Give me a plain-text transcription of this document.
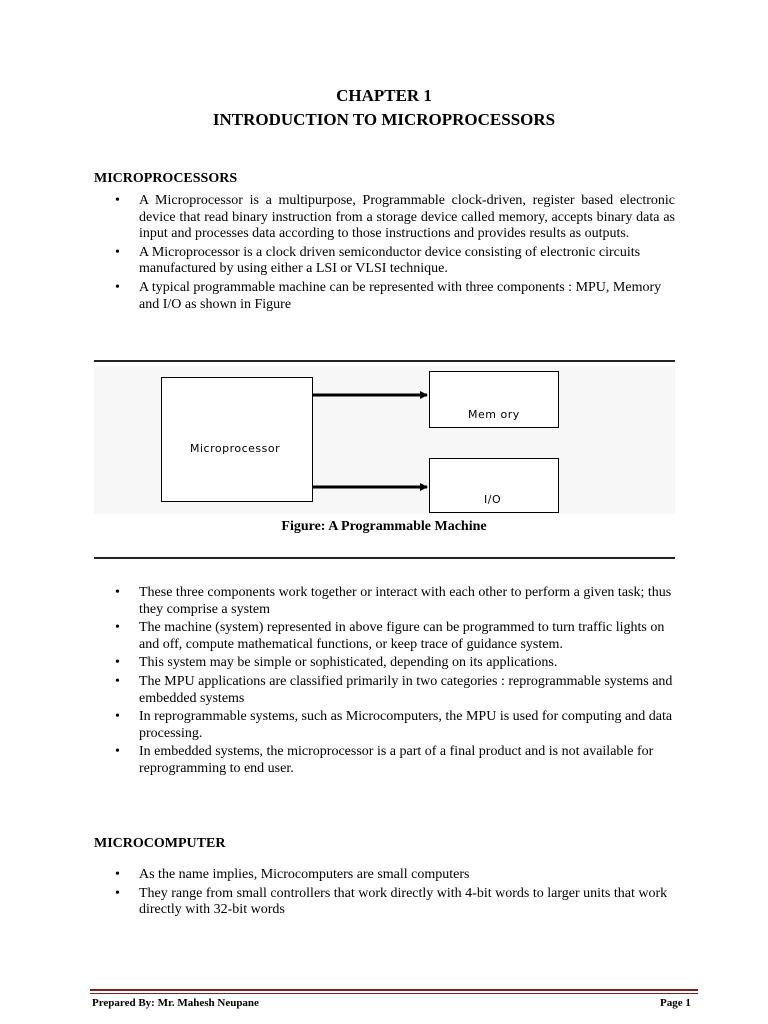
CHAPTER 1
INTRODUCTION TO MICROPROCESSORS
MICROPROCESSORS
• A Microprocessor is a multipurpose, Programmable clock-driven, register based electronic device that read binary instruction from a storage device called memory, accepts binary data as input and processes data according to those instructions and provides results as outputs.
• A Microprocessor is a clock driven semiconductor device consisting of electronic circuits manufactured by using either a LSI or VLSI technique.
• A typical programmable machine can be represented with three components : MPU, Memory and I/O as shown in Figure
Microprocessor
Mem ory
I/O
Figure: A Programmable Machine
• These three components work together or interact with each other to perform a given task; thus they comprise a system
• The machine (system) represented in above figure can be programmed to turn traffic lights on and off, compute mathematical functions, or keep trace of guidance system.
• This system may be simple or sophisticated, depending on its applications.
• The MPU applications are classified primarily in two categories : reprogrammable systems and embedded systems
• In reprogrammable systems, such as Microcomputers, the MPU is used for computing and data processing.
• In embedded systems, the microprocessor is a part of a final product and is not available for reprogramming to end user.
MICROCOMPUTER
• As the name implies, Microcomputers are small computers
• They range from small controllers that work directly with 4-bit words to larger units that work directly with 32-bit words
Prepared By: Mr. Mahesh Neupane	Page 1
